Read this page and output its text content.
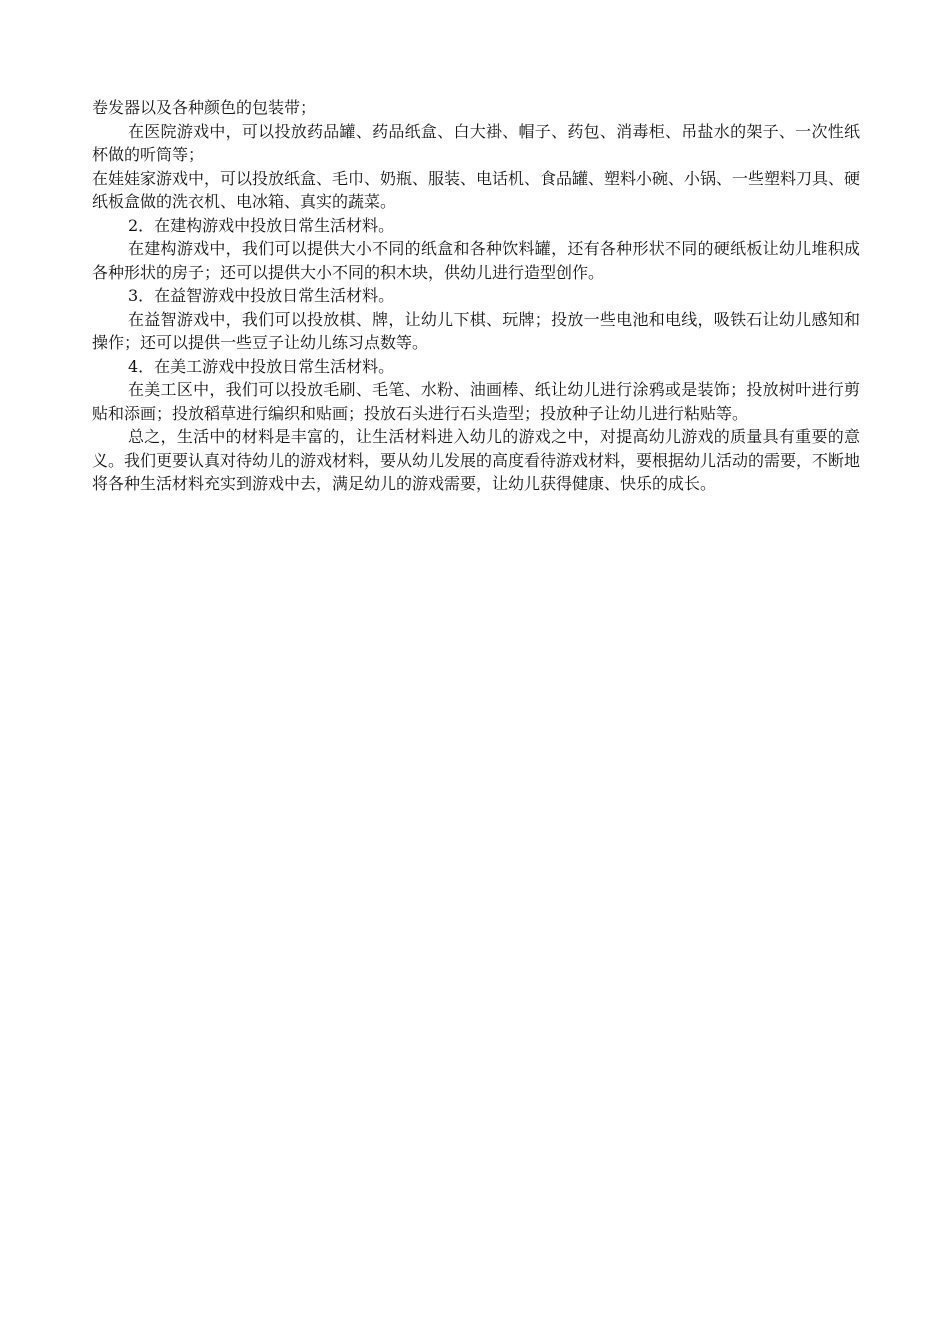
卷发器以及各种颜色的包装带；

在医院游戏中，可以投放药品罐、药品纸盒、白大褂、帽子、药包、消毒柜、吊盐水的架子、一次性纸杯做的听筒等；

在娃娃家游戏中，可以投放纸盒、毛巾、奶瓶、服装、电话机、食品罐、塑料小碗、小锅、一些塑料刀具、硬纸板盒做的洗衣机、电冰箱、真实的蔬菜。

2．在建构游戏中投放日常生活材料。

在建构游戏中，我们可以提供大小不同的纸盒和各种饮料罐，还有各种形状不同的硬纸板让幼儿堆积成各种形状的房子；还可以提供大小不同的积木块，供幼儿进行造型创作。

3．在益智游戏中投放日常生活材料。

在益智游戏中，我们可以投放棋、牌，让幼儿下棋、玩牌；投放一些电池和电线，吸铁石让幼儿感知和操作；还可以提供一些豆子让幼儿练习点数等。

4．在美工游戏中投放日常生活材料。

在美工区中，我们可以投放毛刷、毛笔、水粉、油画棒、纸让幼儿进行涂鸦或是装饰；投放树叶进行剪贴和添画；投放稻草进行编织和贴画；投放石头进行石头造型；投放种子让幼儿进行粘贴等。

总之，生活中的材料是丰富的，让生活材料进入幼儿的游戏之中，对提高幼儿游戏的质量具有重要的意义。我们更要认真对待幼儿的游戏材料，要从幼儿发展的高度看待游戏材料，要根据幼儿活动的需要，不断地将各种生活材料充实到游戏中去，满足幼儿的游戏需要，让幼儿获得健康、快乐的成长。
